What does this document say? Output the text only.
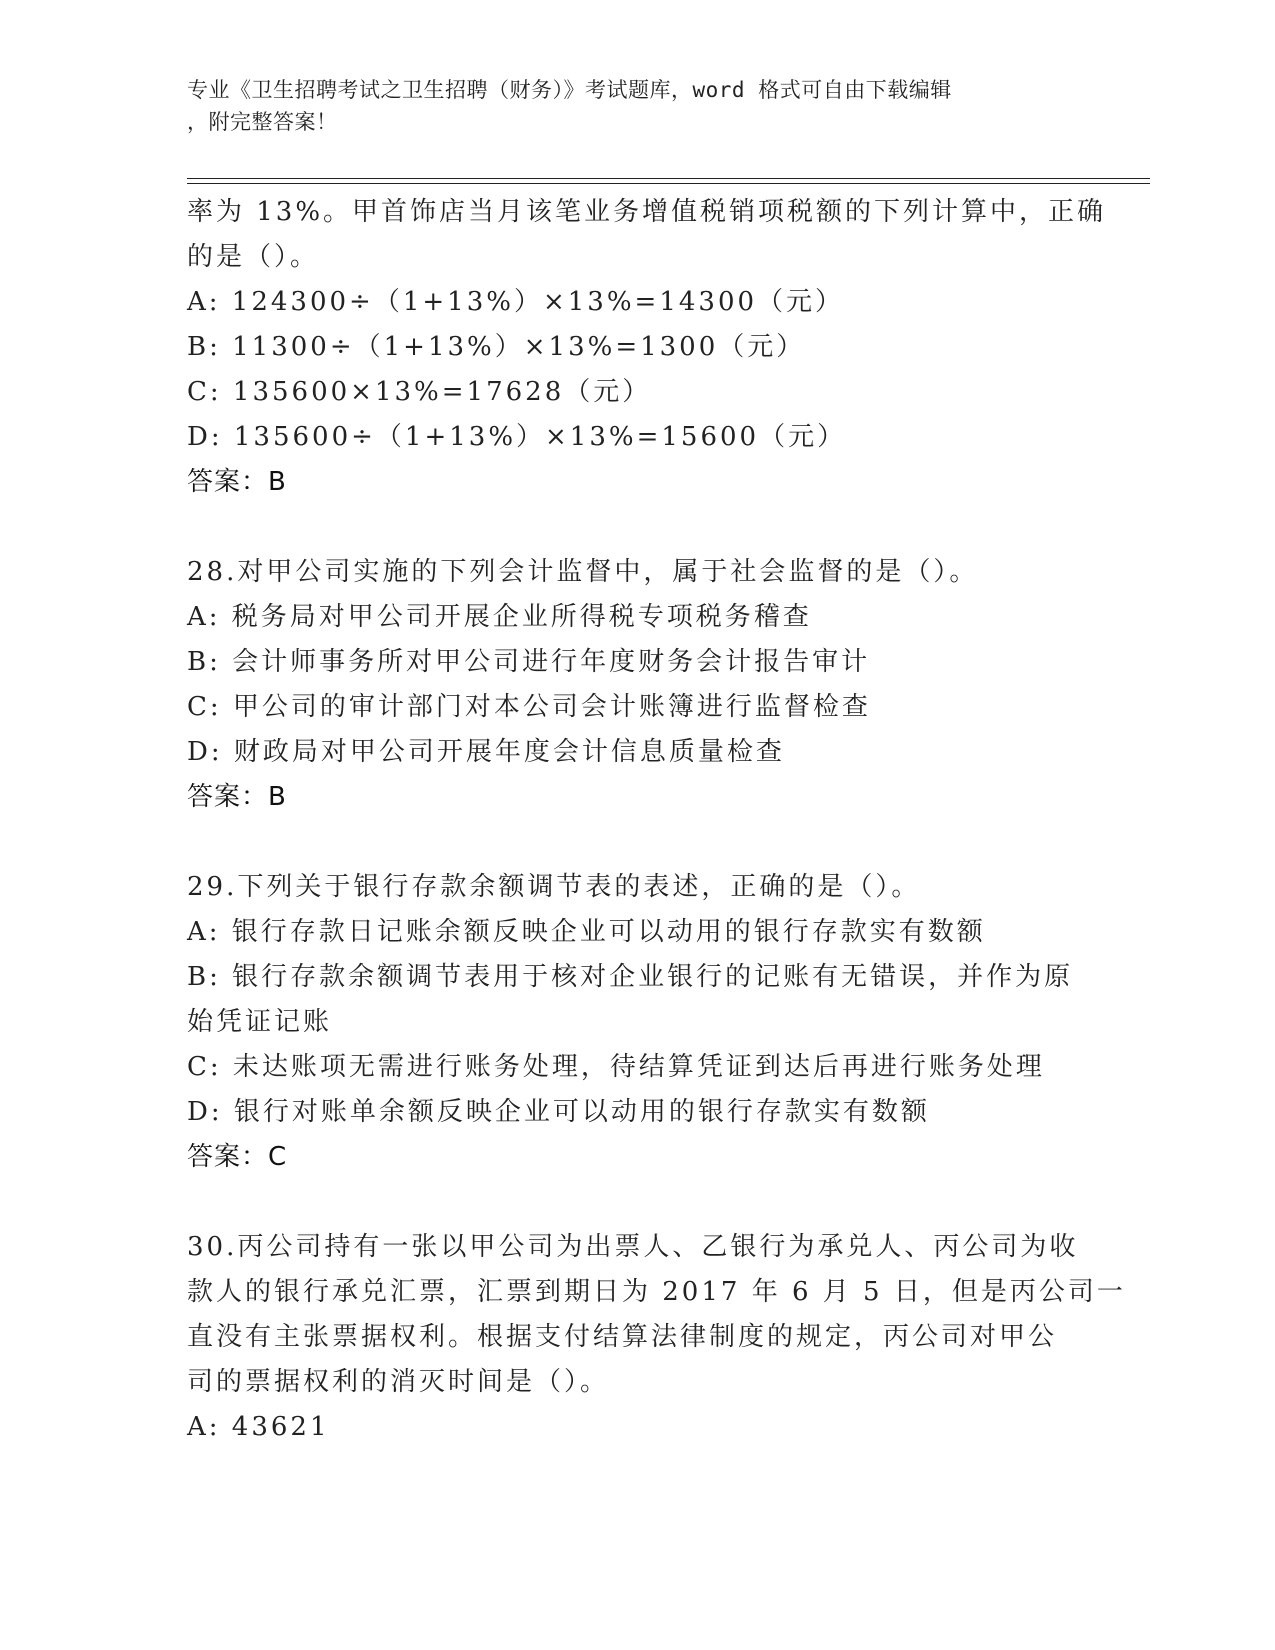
专业《卫生招聘考试之卫生招聘（财务）》考试题库，word 格式可自由下载编辑
，附完整答案！
率为 13%。甲首饰店当月该笔业务增值税销项税额的下列计算中，正确
的是（）。
A: 124300÷（1+13%）×13%=14300（元）
B: 11300÷（1+13%）×13%=1300（元）
C: 135600×13%=17628（元）
D: 135600÷（1+13%）×13%=15600（元）
答案：B
28.对甲公司实施的下列会计监督中，属于社会监督的是（）。
A: 税务局对甲公司开展企业所得税专项税务稽查
B: 会计师事务所对甲公司进行年度财务会计报告审计
C: 甲公司的审计部门对本公司会计账簿进行监督检查
D: 财政局对甲公司开展年度会计信息质量检查
答案：B
29.下列关于银行存款余额调节表的表述，正确的是（）。
A: 银行存款日记账余额反映企业可以动用的银行存款实有数额
B: 银行存款余额调节表用于核对企业银行的记账有无错误，并作为原
始凭证记账
C: 未达账项无需进行账务处理，待结算凭证到达后再进行账务处理
D: 银行对账单余额反映企业可以动用的银行存款实有数额
答案：C
30.丙公司持有一张以甲公司为出票人、乙银行为承兑人、丙公司为收
款人的银行承兑汇票，汇票到期日为 2017 年 6 月 5 日，但是丙公司一
直没有主张票据权利。根据支付结算法律制度的规定，丙公司对甲公
司的票据权利的消灭时间是（）。
A: 43621
